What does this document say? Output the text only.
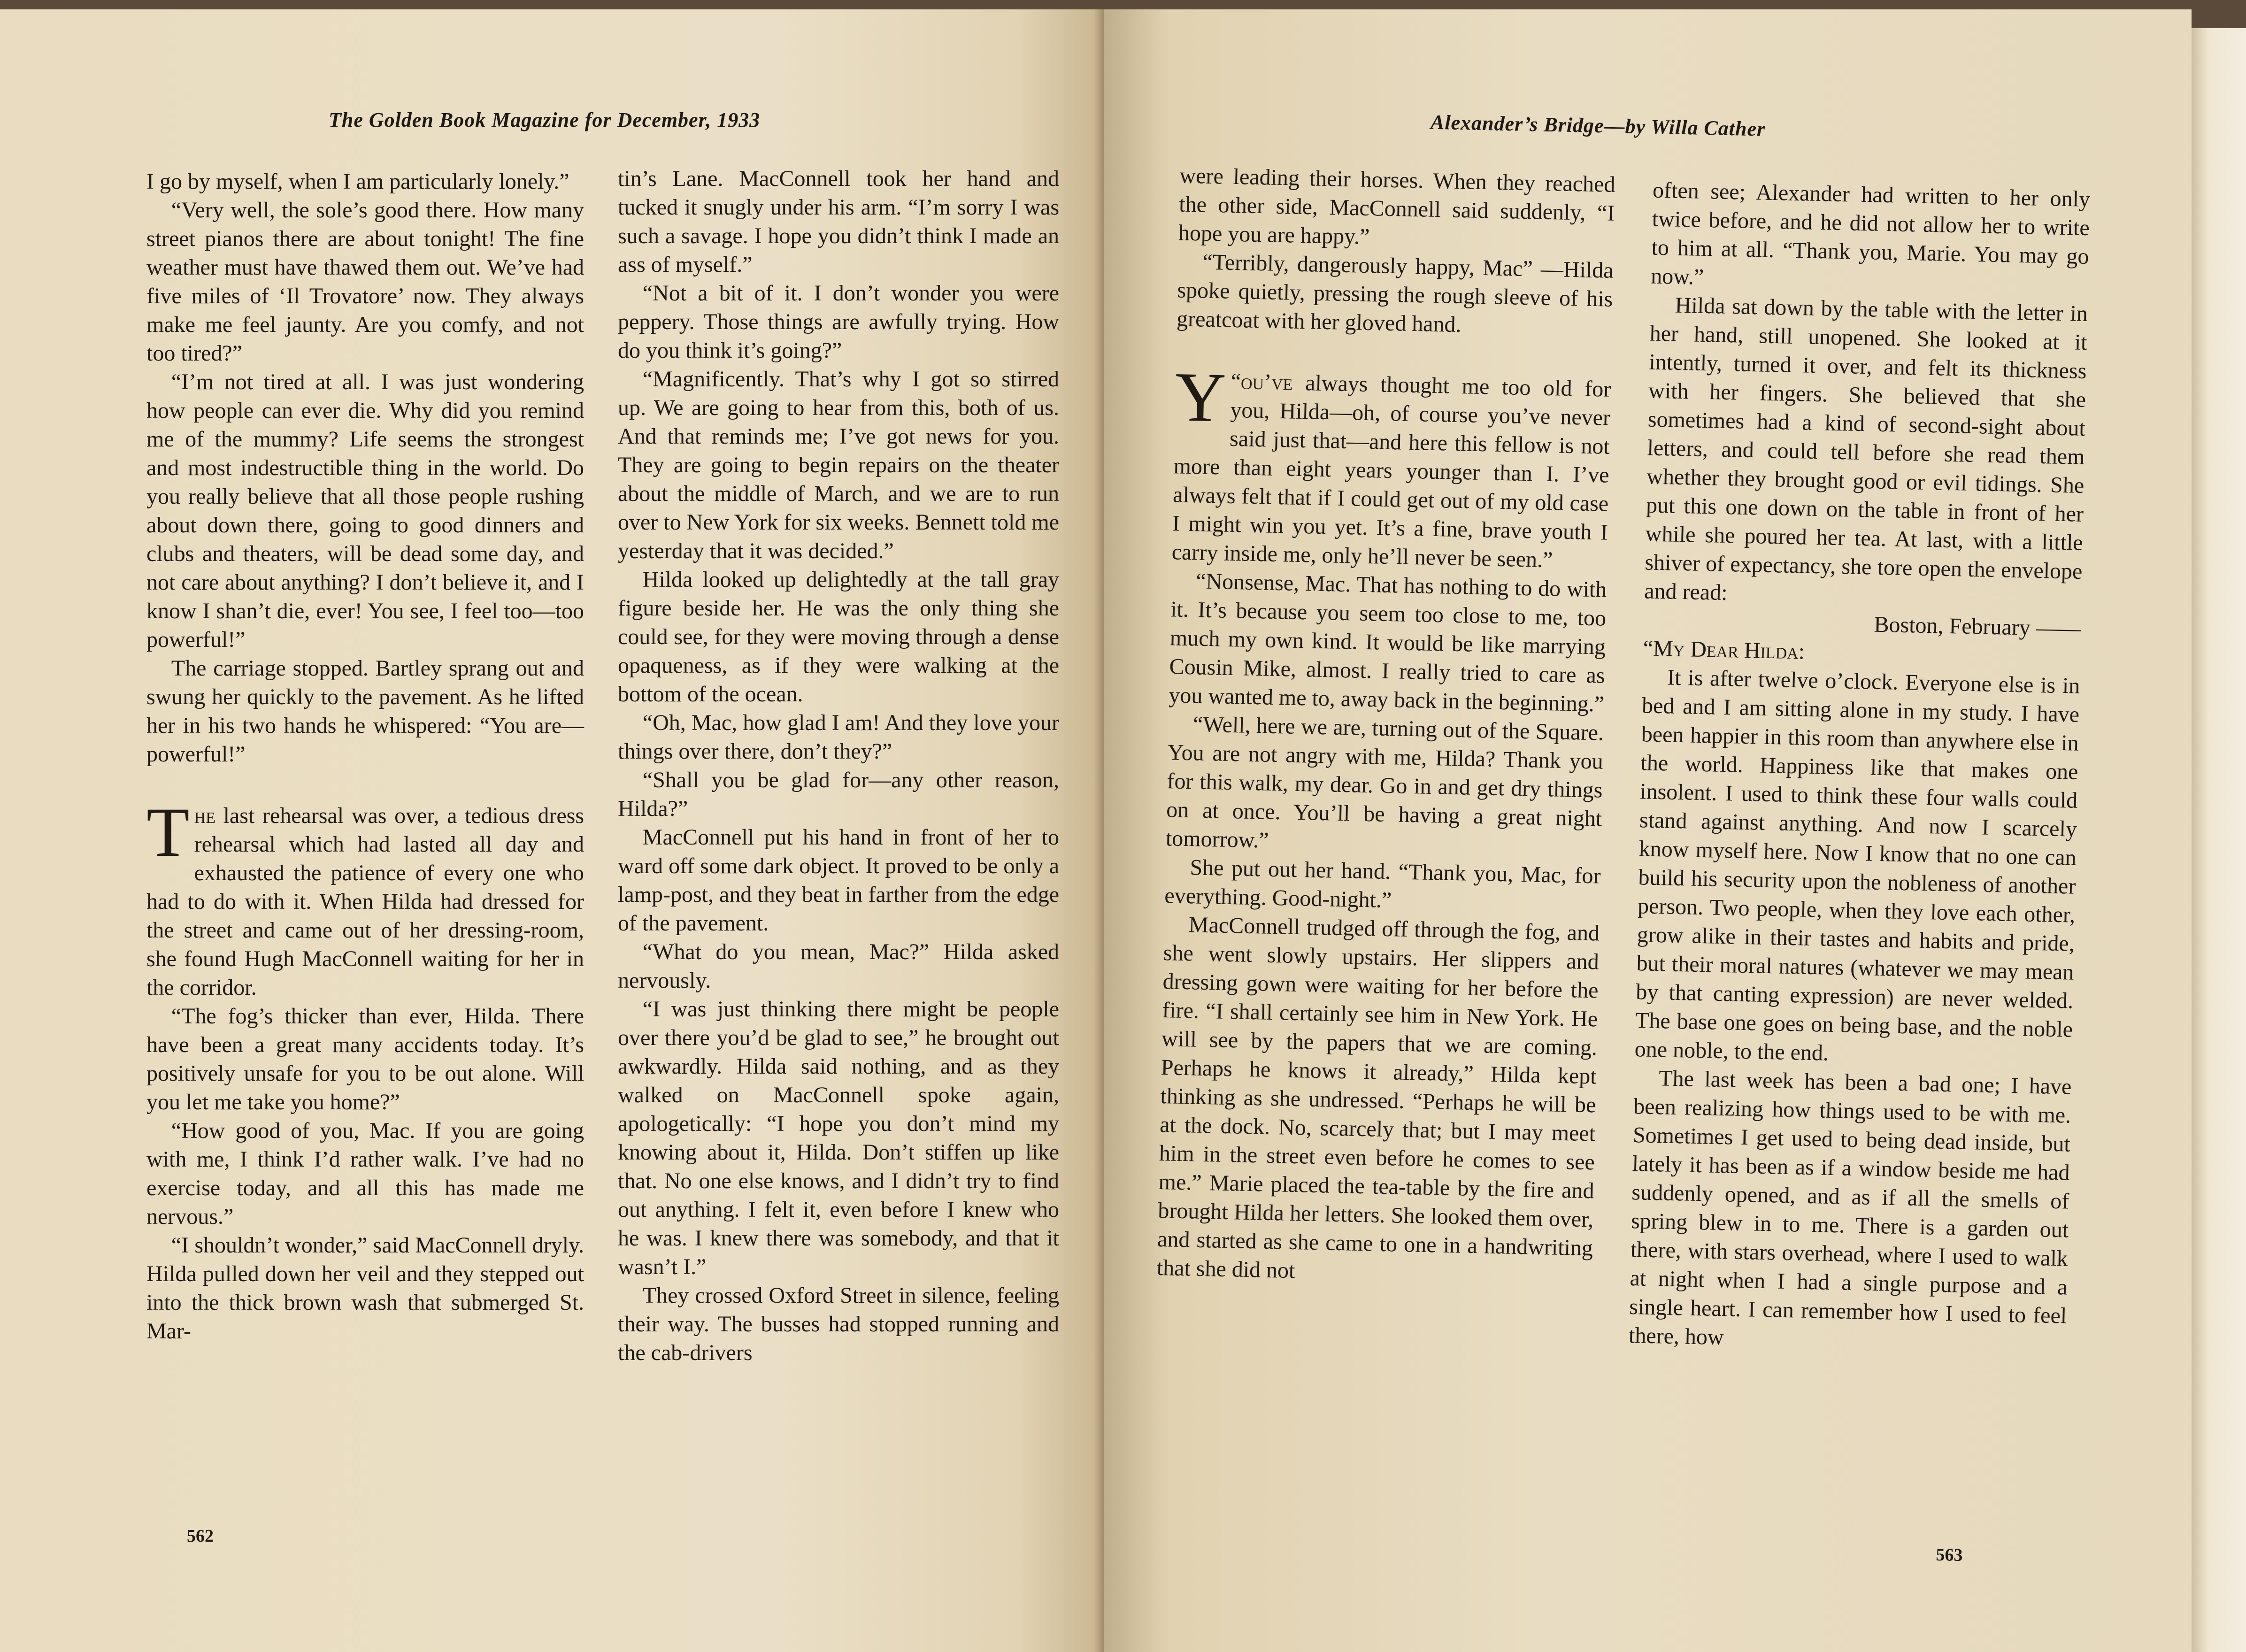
The Golden Book Magazine for December, 1933

I go by myself, when I am particularly lonely.”

“Very well, the sole’s good there. How many street pianos there are about tonight! The fine weather must have thawed them out. We’ve had five miles of ‘Il Trovatore’ now. They always make me feel jaunty. Are you comfy, and not too tired?”

“I’m not tired at all. I was just wondering how people can ever die. Why did you remind me of the mummy? Life seems the strongest and most indestructible thing in the world. Do you really believe that all those people rushing about down there, going to good dinners and clubs and theaters, will be dead some day, and not care about anything? I don’t believe it, and I know I shan’t die, ever! You see, I feel too—too powerful!”

The carriage stopped. Bartley sprang out and swung her quickly to the pavement. As he lifted her in his two hands he whispered: “You are—powerful!”

The last rehearsal was over, a tedious dress rehearsal which had lasted all day and exhausted the patience of every one who had to do with it. When Hilda had dressed for the street and came out of her dressing-room, she found Hugh MacConnell waiting for her in the corridor.

“The fog’s thicker than ever, Hilda. There have been a great many accidents today. It’s positively unsafe for you to be out alone. Will you let me take you home?”

“How good of you, Mac. If you are going with me, I think I’d rather walk. I’ve had no exercise today, and all this has made me nervous.”

“I shouldn’t wonder,” said MacConnell dryly. Hilda pulled down her veil and they stepped out into the thick brown wash that submerged St. Mar-

tin’s Lane. MacConnell took her hand and tucked it snugly under his arm. “I’m sorry I was such a savage. I hope you didn’t think I made an ass of myself.”

“Not a bit of it. I don’t wonder you were peppery. Those things are awfully trying. How do you think it’s going?”

“Magnificently. That’s why I got so stirred up. We are going to hear from this, both of us. And that reminds me; I’ve got news for you. They are going to begin repairs on the theater about the middle of March, and we are to run over to New York for six weeks. Bennett told me yesterday that it was decided.”

Hilda looked up delightedly at the tall gray figure beside her. He was the only thing she could see, for they were moving through a dense opaqueness, as if they were walking at the bottom of the ocean.

“Oh, Mac, how glad I am! And they love your things over there, don’t they?”

“Shall you be glad for—any other reason, Hilda?”

MacConnell put his hand in front of her to ward off some dark object. It proved to be only a lamp-post, and they beat in farther from the edge of the pavement.

“What do you mean, Mac?” Hilda asked nervously.

“I was just thinking there might be people over there you’d be glad to see,” he brought out awkwardly. Hilda said nothing, and as they walked on MacConnell spoke again, apologetically: “I hope you don’t mind my knowing about it, Hilda. Don’t stiffen up like that. No one else knows, and I didn’t try to find out anything. I felt it, even before I knew who he was. I knew there was somebody, and that it wasn’t I.”

They crossed Oxford Street in silence, feeling their way. The busses had stopped running and the cab-drivers

562
Alexander’s Bridge—by Willa Cather

were leading their horses. When they reached the other side, MacConnell said suddenly, “I hope you are happy.”

“Terribly, dangerously happy, Mac” —Hilda spoke quietly, pressing the rough sleeve of his greatcoat with her gloved hand.

“
Y ou’ve always thought me too old for you, Hilda—oh, of course you’ve never said just that—and here this fellow is not more than eight years younger than I. I’ve always felt that if I could get out of my old case I might win you yet. It’s a fine, brave youth I carry inside me, only he’ll never be seen.”

“Nonsense, Mac. That has nothing to do with it. It’s because you seem too close to me, too much my own kind. It would be like marrying Cousin Mike, almost. I really tried to care as you wanted me to, away back in the beginning.”

“Well, here we are, turning out of the Square. You are not angry with me, Hilda? Thank you for this walk, my dear. Go in and get dry things on at once. You’ll be having a great night tomorrow.”

She put out her hand. “Thank you, Mac, for everything. Good-night.”

MacConnell trudged off through the fog, and she went slowly upstairs. Her slippers and dressing gown were waiting for her before the fire. “I shall certainly see him in New York. He will see by the papers that we are coming. Perhaps he knows it already,” Hilda kept thinking as she undressed. “Perhaps he will be at the dock. No, scarcely that; but I may meet him in the street even before he comes to see me.” Marie placed the tea-table by the fire and brought Hilda her letters. She looked them over, and started as she came to one in a handwriting that she did not

often see; Alexander had written to her only twice before, and he did not allow her to write to him at all. “Thank you, Marie. You may go now.”

Hilda sat down by the table with the letter in her hand, still unopened. She looked at it intently, turned it over, and felt its thickness with her fingers. She believed that she sometimes had a kind of second-sight about letters, and could tell before she read them whether they brought good or evil tidings. She put this one down on the table in front of her while she poured her tea. At last, with a little shiver of expectancy, she tore open the envelope and read:

Boston, February ——

“My Dear Hilda:

It is after twelve o’clock. Everyone else is in bed and I am sitting alone in my study. I have been happier in this room than anywhere else in the world. Happiness like that makes one insolent. I used to think these four walls could stand against anything. And now I scarcely know myself here. Now I know that no one can build his security upon the nobleness of another person. Two people, when they love each other, grow alike in their tastes and habits and pride, but their moral natures (whatever we may mean by that canting expression) are never welded. The base one goes on being base, and the noble one noble, to the end.

The last week has been a bad one; I have been realizing how things used to be with me. Sometimes I get used to being dead inside, but lately it has been as if a window beside me had suddenly opened, and as if all the smells of spring blew in to me. There is a garden out there, with stars overhead, where I used to walk at night when I had a single purpose and a single heart. I can remember how I used to feel there, how

563
